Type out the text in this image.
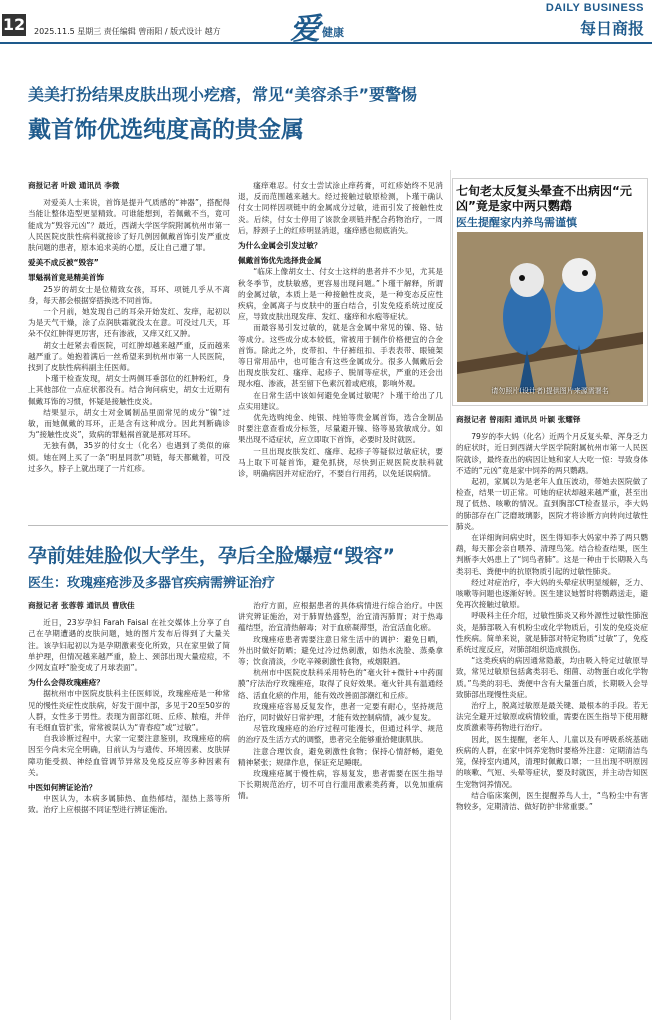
12 2025.11.5 星期三 责任编辑 曾雨阳 / 版式设计 越方 爱 健康
DAILY BUSINESS
每日商报
美美打扮结果皮肤出现小疙瘩，常见“美容杀手”要警惕
戴首饰优选纯度高的贵金属

商报记者 叶跋 通讯员 李微

对爱美人士来说，首饰是提升气质感的“神器”，搭配得当能让整体造型更显精致。可谁能想到，若佩戴不当，竟可能成为“毁容元凶”？最近，西湖大学医学院附属杭州市第一人民医院皮肤性病科就接诊了好几例因佩戴首饰引发严重皮肤问题的患者，原本追求美的心愿，反让自己遭了罪。

爱美不成反被“毁容”

罪魁祸首竟是精美首饰

25岁的胡女士是位精致女孩，耳环、项链几乎从不离身，每天都会根据穿搭换选不同首饰。

一个月前，她发现自己的耳朵开始发红、发痒，起初以为是天气干燥，涂了点润肤霜就没太在意。可没过几天，耳朵不仅红肿得更厉害，还有渗液，又痒又红又肿。

胡女士赶紧去看医院，可红肿却越来越严重，反而越来越严重了。她抱着满后一丝希望来到杭州市第一人民医院，找到了皮肤性病科副主任医师。

卜瑾干检查发现，胡女士两侧耳垂部位的红肿粉红，身上其他部位一点症状都没有。结合询问病史，胡女士近期有佩戴耳饰的习惯，怀疑是接触性皮炎。

结果显示，胡女士对金属制品里面常见的成分“镍”过敏，而她佩戴的耳环，正是含有这种成分。因此判断确诊为“接触性皮炎”，致病的罪魁祸首就是那对耳环。

无独有偶，35岁的付女士（化名）也遇到了类似的麻烦。她在网上买了一条“明星同款”项链，每天都戴着，可没过多久，脖子上就出现了一片红疹。

瘙痒难忍。付女士尝试涂止痒药膏，可红疹始终不见消退，反而范围越来越大。经过接触过敏原检测，卜瑾干确认付女士同样因项链中的金属成分过敏，进而引发了接触性皮炎。后续，付女士停用了该款金项链并配合药物治疗，一周后，脖颈子上的红疹明显消退，瘙痒感也彻底消失。

为什么金属会引发过敏？

佩戴首饰优先选择贵金属

“临床上像胡女士、付女士这样的患者并不少见，尤其是秋冬季节，皮肤敏感，更容易出现问题。”卜瑾干解释，所谓的金属过敏，本质上是一种接触性皮炎，是一种变态反应性疾病，金属离子与皮肤中的蛋白结合，引发免疫系统过度反应，导致皮肤出现发痒、发红、瘙痒和水疱等症状。

而最容易引发过敏的，就是含金属中常见的镍、铬、钴等成分。这些成分成本较低，常被用于制作价格便宜的合金首饰。除此之外，皮带扣、牛仔裤纽扣、手表表带、眼镜架等日常用品中，也可能含有这些金属成分。很多人佩戴后会出现皮肤发红、瘙痒、起疹子、脱屑等症状，严重的还会出现水疱、渗液，甚至留下色素沉着或疤痕，影响外观。

在日常生活中该如何避免金属过敏呢？卜瑾干给出了几点实用建议。

优先选购纯金、纯银、纯铂等贵金属首饰，选合金制品时要注意查看成分标签，尽量避开镍、铬等易致敏成分。如果出现不适症状，应立即取下首饰，必要时及时就医。

一旦出现皮肤发红、瘙痒、起疹子等疑似过敏症状，要马上取下可疑首饰，避免抓挠，尽快到正规医院皮肤科就诊，明确病因并对症治疗，不要自行用药，以免延误病情。

孕前娃娃脸似大学生，孕后全脸爆痘“毁容”
医生：玫瑰痤疮涉及多器官疾病需辨证治疗

商报记者 张蓉蓉 通讯员 曹欣佳

近日，23岁孕妇 Farah Faisal 在社交媒体上分享了自己在孕期遭遇的皮肤问题，她的图片发布后得到了大量关注。该孕妇起初以为是孕期激素变化所致，只在家里做了简单护理，但情况越来越严重，脸上、颈部出现大量痘痘，不少网友直呼“脸变成了月球表面”。

为什么会得玫瑰痤疮？

据杭州市中医院皮肤科主任医师说，玫瑰痤疮是一种常见的慢性炎症性皮肤病，好发于面中部，多见于20至50岁的人群，女性多于男性。表现为面部红斑、丘疹、脓疱，并伴有毛细血管扩张，常常被误认为“青春痘”或“过敏”。

自我诊断过程中，大家一定要注意鉴别，玫瑰痤疮的病因至今尚未完全明确，目前认为与遗传、环境因素、皮肤屏障功能受损、神经血管调节异常及免疫反应等多种因素有关。

中医如何辨证论治？

中医认为，本病多属肺热、血热郁结，湿热上蒸等所致。治疗上应根据不同证型进行辨证施治。

治疗方面，应根据患者的具体病情进行综合治疗。中医讲究辨证施治，对于肺胃热盛型，治宜清泻肺胃；对于热毒蕴结型，治宜清热解毒；对于血瘀凝滞型，治宜活血化瘀。

玫瑰痤疮患者需要注意日常生活中的调护：避免日晒，外出时做好防晒；避免过冷过热刺激，如热水洗脸、蒸桑拿等；饮食清淡，少吃辛辣刺激性食物，戒烟限酒。

杭州市中医院皮肤科采用特色的“毫火针+微针+中药面膜”疗法治疗玫瑰痤疮，取得了良好效果。毫火针具有温通经络、活血化瘀的作用，能有效改善面部潮红和丘疹。

玫瑰痤疮容易反复发作，患者一定要有耐心，坚持规范治疗，同时做好日常护理，才能有效控制病情，减少复发。

尽管玫瑰痤疮的治疗过程可能漫长，但通过科学、规范的治疗及生活方式的调整，患者完全能够重拾健康肌肤。

注意合理饮食，避免刺激性食物；保持心情舒畅，避免精神紧张；规律作息，保证充足睡眠。

玫瑰痤疮属于慢性病，容易复发，患者需要在医生指导下长期规范治疗，切不可自行滥用激素类药膏，以免加重病情。

七旬老太反复头晕查不出病因“元凶”竟是家中两只鹦鹉
医生提醒家内养鸟需谨慎
请勿照片(设计者)提供图片来源需署名

商报记者 曾雨阳 通讯员 叶颖 张耀铎

79岁的李大妈（化名）近两个月反复头晕、浑身乏力的症状时，近日到西湖大学医学院附属杭州市第一人民医院就诊，最终查出的病因让她和家人大吃一惊：导致身体不适的“元凶”竟是家中饲养的两只鹦鹉。

起初，家属以为是老年人血压波动，带她去医院做了检查，结果一切正常。可她的症状却越来越严重，甚至出现了低热、咳嗽的情况。直到胸部CT检查显示，李大妈的肺部存在广泛磨玻璃影，医院才将诊断方向转向过敏性肺炎。

在详细询问病史时，医生得知李大妈家中养了两只鹦鹉，每天都会亲自喂养、清理鸟笼。结合检查结果，医生判断李大妈患上了“饲鸟者肺”。这是一种由于长期吸入鸟类羽毛、粪便中的抗原物质引起的过敏性肺炎。

经过对症治疗，李大妈的头晕症状明显缓解，乏力、咳嗽等问题也逐渐好转。医生建议她暂时将鹦鹉送走，避免再次接触过敏原。

呼吸科主任介绍，过敏性肺炎又称外源性过敏性肺泡炎，是肺部吸入有机粉尘或化学物质后，引发的免疫炎症性疾病。简单来说，就是肺部对特定物质“过敏”了，免疫系统过度反应，对肺部组织造成损伤。

“这类疾病的病因通常隐蔽，均由吸入特定过敏原导致，常见过敏原包括禽类羽毛、细菌、动物蛋白或化学物质。”鸟类的羽毛、粪便中含有大量蛋白质，长期吸入会导致肺部出现慢性炎症。

治疗上，脱离过敏原是最关键、最根本的手段。若无法完全避开过敏原或病情较重，需要在医生指导下使用糖皮质激素等药物进行治疗。

因此，医生提醒，老年人、儿童以及有呼吸系统基础疾病的人群，在家中饲养宠物时要格外注意：定期清洁鸟笼，保持室内通风，清理时佩戴口罩；一旦出现不明原因的咳嗽、气短、头晕等症状，要及时就医，并主动告知医生宠物饲养情况。

结合临床案例，医生提醒养鸟人士，“鸟粉尘中有害物较多，定期清洁、做好防护非常重要。”
